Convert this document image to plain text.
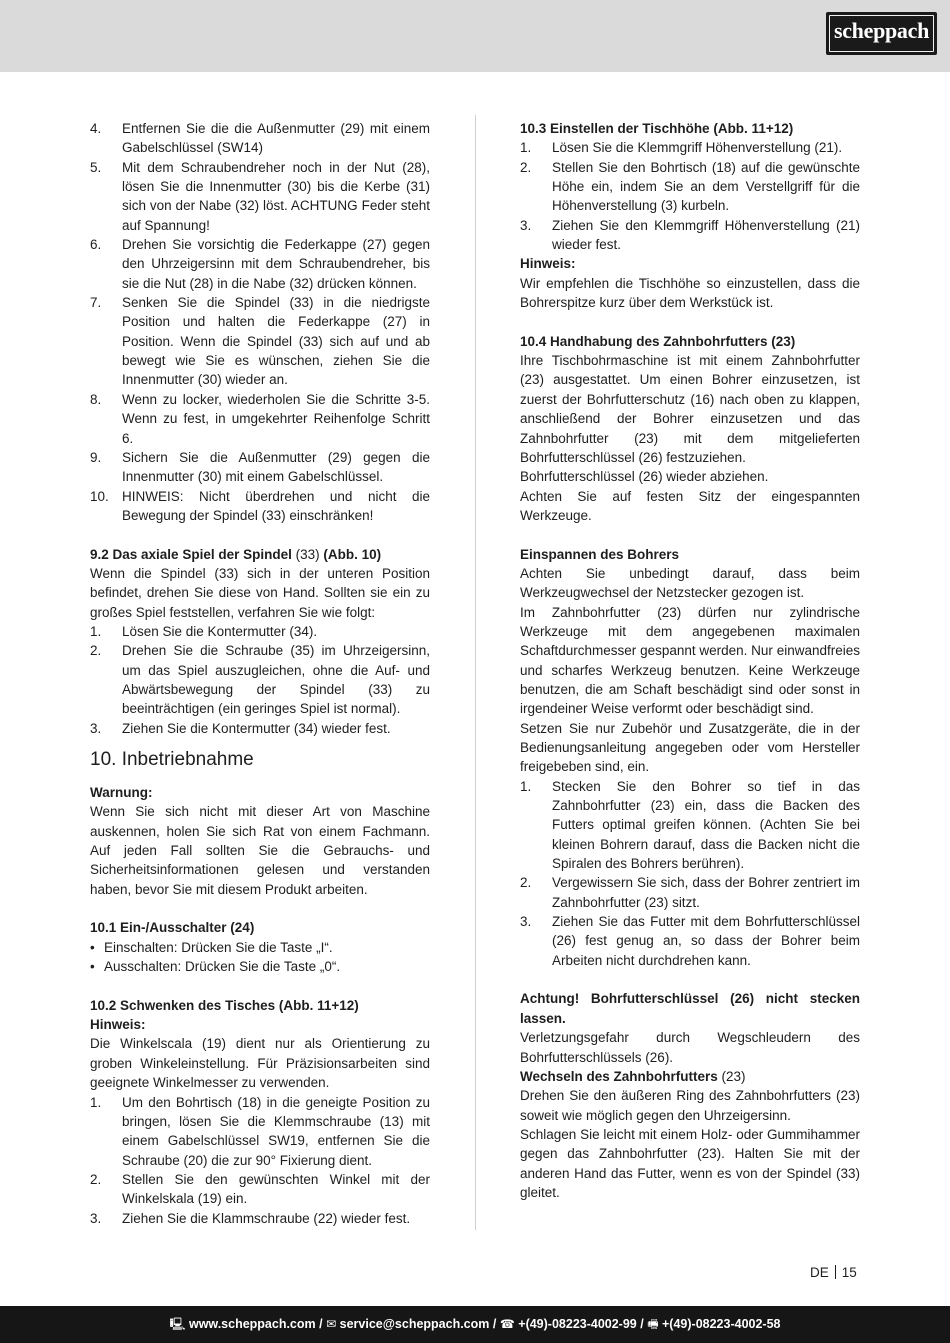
scheppach
4.	Entfernen Sie die die Außenmutter (29) mit einem Gabelschlüssel (SW14)
5.	Mit dem Schraubendreher noch in der Nut (28), lösen Sie die Innenmutter (30) bis die Kerbe (31) sich von der Nabe (32) löst. ACHTUNG Feder steht auf Spannung!
6.	Drehen Sie vorsichtig die Federkappe (27) gegen den Uhrzeigersinn mit dem Schraubendreher, bis sie die Nut (28) in die Nabe (32) drücken können.
7.	Senken Sie die Spindel (33) in die niedrigste Position und halten die Federkappe (27) in Position. Wenn die Spindel (33) sich auf und ab bewegt wie Sie es wünschen, ziehen Sie die Innenmutter (30) wieder an.
8.	Wenn zu locker, wiederholen Sie die Schritte 3-5. Wenn zu fest, in umgekehrter Reihenfolge Schritt 6.
9.	Sichern Sie die Außenmutter (29) gegen die Innenmutter (30) mit einem Gabelschlüssel.
10. HINWEIS: Nicht überdrehen und nicht die Bewegung der Spindel (33) einschränken!

9.2 Das axiale Spiel der Spindel (33) (Abb. 10)

Wenn die Spindel (33) sich in der unteren Position befindet, drehen Sie diese von Hand. Sollten sie ein zu großes Spiel feststellen, verfahren Sie wie folgt:

1.	Lösen Sie die Kontermutter (34).
2.	Drehen Sie die Schraube (35) im Uhrzeigersinn, um das Spiel auszugleichen, ohne die Auf- und Abwärtsbewegung der Spindel (33) zu beeinträchtigen (ein geringes Spiel ist normal).
3.	Ziehen Sie die Kontermutter (34) wieder fest.
10. Inbetriebnahme

Warnung:

Wenn Sie sich nicht mit dieser Art von Maschine auskennen, holen Sie sich Rat von einem Fachmann. Auf jeden Fall sollten Sie die Gebrauchs- und Sicherheitsinformationen gelesen und verstanden haben, bevor Sie mit diesem Produkt arbeiten.

10.1 Ein-/Ausschalter (24)

• Einschalten: Drücken Sie die Taste „I“.
• Ausschalten: Drücken Sie die Taste „0“.

10.2 Schwenken des Tisches (Abb. 11+12)

Hinweis:

Die Winkelscala (19) dient nur als Orientierung zu groben Winkeleinstellung. Für Präzisionsarbeiten sind geeignete Winkelmesser zu verwenden.

1.	Um den Bohrtisch (18) in die geneigte Position zu bringen, lösen Sie die Klemmschraube (13) mit einem Gabelschlüssel SW19, entfernen Sie die Schraube (20) die zur 90° Fixierung dient.
2.	Stellen Sie den gewünschten Winkel mit der Winkelskala (19) ein.
3.	Ziehen Sie die Klammschraube (22) wieder fest.

10.3 Einstellen der Tischhöhe (Abb. 11+12)

1.	Lösen Sie die Klemmgriff Höhenverstellung (21).
2.	Stellen Sie den Bohrtisch (18) auf die gewünschte Höhe ein, indem Sie an dem Verstellgriff für die Höhenverstellung (3) kurbeln.
3.	Ziehen Sie den Klemmgriff Höhenverstellung (21) wieder fest.

Hinweis:

Wir empfehlen die Tischhöhe so einzustellen, dass die Bohrerspitze kurz über dem Werkstück ist.

10.4 Handhabung des Zahnbohrfutters (23)

Ihre Tischbohrmaschine ist mit einem Zahnbohrfutter (23) ausgestattet. Um einen Bohrer einzusetzen, ist zuerst der Bohrfutterschutz (16) nach oben zu klappen, anschließend der Bohrer einzusetzen und das Zahnbohrfutter (23) mit dem mitgelieferten Bohrfutterschlüssel (26) festzuziehen.

Bohrfutterschlüssel (26) wieder abziehen.

Achten Sie auf festen Sitz der eingespannten Werkzeuge.

Einspannen des Bohrers

Achten Sie unbedingt darauf, dass beim Werkzeugwechsel der Netzstecker gezogen ist.

Im Zahnbohrfutter (23) dürfen nur zylindrische Werkzeuge mit dem angegebenen maximalen Schaftdurchmesser gespannt werden. Nur einwandfreies und scharfes Werkzeug benutzen. Keine Werkzeuge benutzen, die am Schaft beschädigt sind oder sonst in irgendeiner Weise verformt oder beschädigt sind.

Setzen Sie nur Zubehör und Zusatzgeräte, die in der Bedienungsanleitung angegeben oder vom Hersteller freigebeben sind, ein.

1.	Stecken Sie den Bohrer so tief in das Zahnbohrfutter (23) ein, dass die Backen des Futters optimal greifen können. (Achten Sie bei kleinen Bohrern darauf, dass die Backen nicht die Spiralen des Bohrers berühren).
2.	Vergewissern Sie sich, dass der Bohrer zentriert im Zahnbohrfutter (23) sitzt.
3.	Ziehen Sie das Futter mit dem Bohrfutterschlüssel (26) fest genug an, so dass der Bohrer beim Arbeiten nicht durchdrehen kann.

Achtung! Bohrfutterschlüssel (26) nicht stecken lassen.

Verletzungsgefahr durch Wegschleudern des Bohrfutterschlüssels (26).

Wechseln des Zahnbohrfutters (23)

Drehen Sie den äußeren Ring des Zahnbohrfutters (23) soweit wie möglich gegen den Uhrzeigersinn.

Schlagen Sie leicht mit einem Holz- oder Gummihammer gegen das Zahnbohrfutter (23). Halten Sie mit der anderen Hand das Futter, wenn es von der Spindel (33) gleitet.

DE 15
🖳 www.scheppach.com / ✉ service@scheppach.com / ☎ +(49)-08223-4002-99 / 🖷 +(49)-08223-4002-58
